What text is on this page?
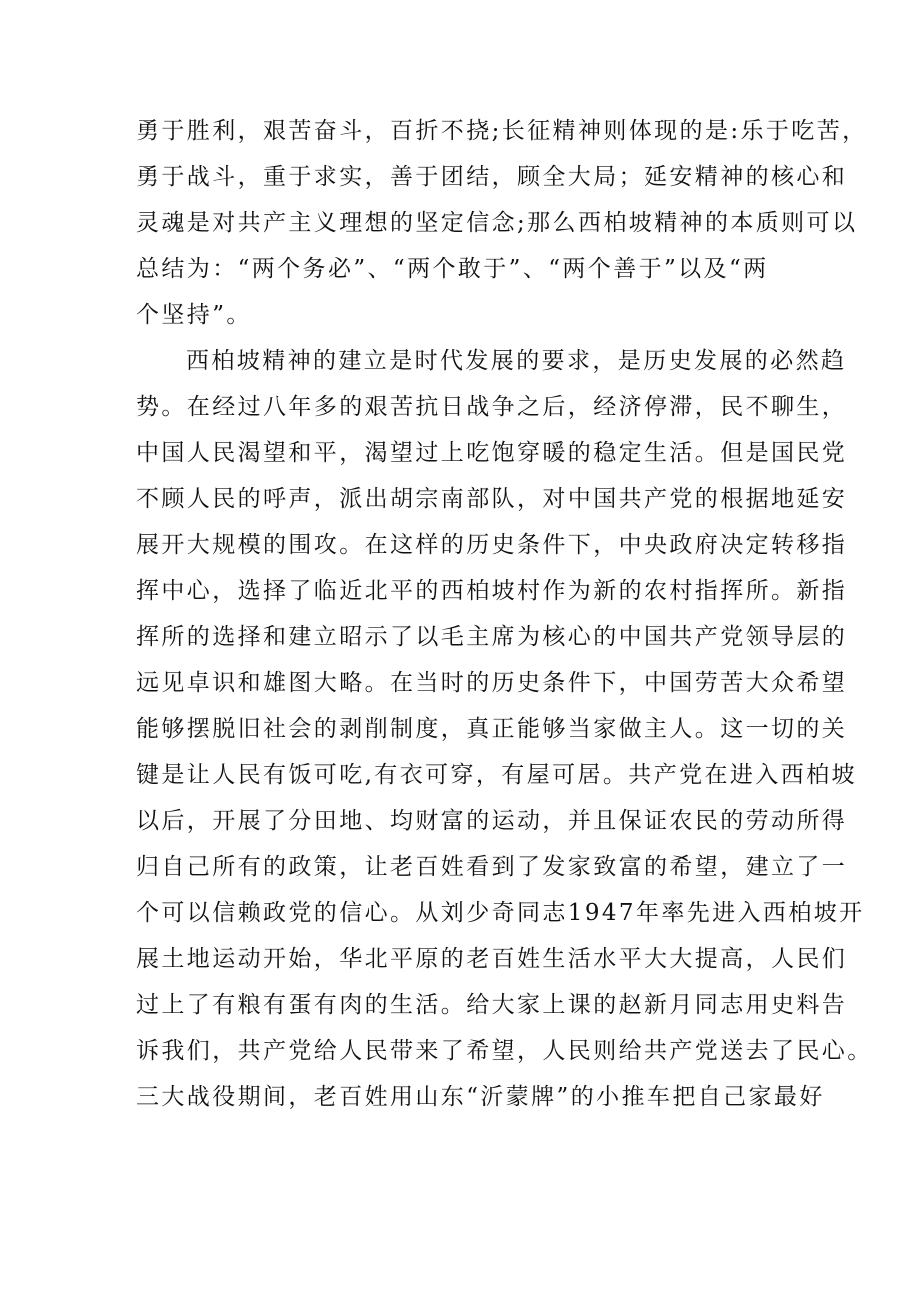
勇于胜利，艰苦奋斗，百折不挠;长征精神则体现的是:乐于吃苦，
勇于战斗，重于求实，善于团结，顾全大局；延安精神的核心和
灵魂是对共产主义理想的坚定信念;那么西柏坡精神的本质则可以
总结为：“两个务必”、“两个敢于”、“两个善于”以及“两
个坚持”。
西柏坡精神的建立是时代发展的要求，是历史发展的必然趋
势。在经过八年多的艰苦抗日战争之后，经济停滞，民不聊生，
中国人民渴望和平，渴望过上吃饱穿暖的稳定生活。但是国民党
不顾人民的呼声，派出胡宗南部队，对中国共产党的根据地延安
展开大规模的围攻。在这样的历史条件下，中央政府决定转移指
挥中心，选择了临近北平的西柏坡村作为新的农村指挥所。新指
挥所的选择和建立昭示了以毛主席为核心的中国共产党领导层的
远见卓识和雄图大略。在当时的历史条件下，中国劳苦大众希望
能够摆脱旧社会的剥削制度，真正能够当家做主人。这一切的关
键是让人民有饭可吃,有衣可穿，有屋可居。共产党在进入西柏坡
以后，开展了分田地、均财富的运动，并且保证农民的劳动所得
归自己所有的政策，让老百姓看到了发家致富的希望，建立了一
个可以信赖政党的信心。从刘少奇同志1947年率先进入西柏坡开
展土地运动开始，华北平原的老百姓生活水平大大提高，人民们
过上了有粮有蛋有肉的生活。给大家上课的赵新月同志用史料告
诉我们，共产党给人民带来了希望，人民则给共产党送去了民心。
三大战役期间，老百姓用山东“沂蒙牌”的小推车把自己家最好
